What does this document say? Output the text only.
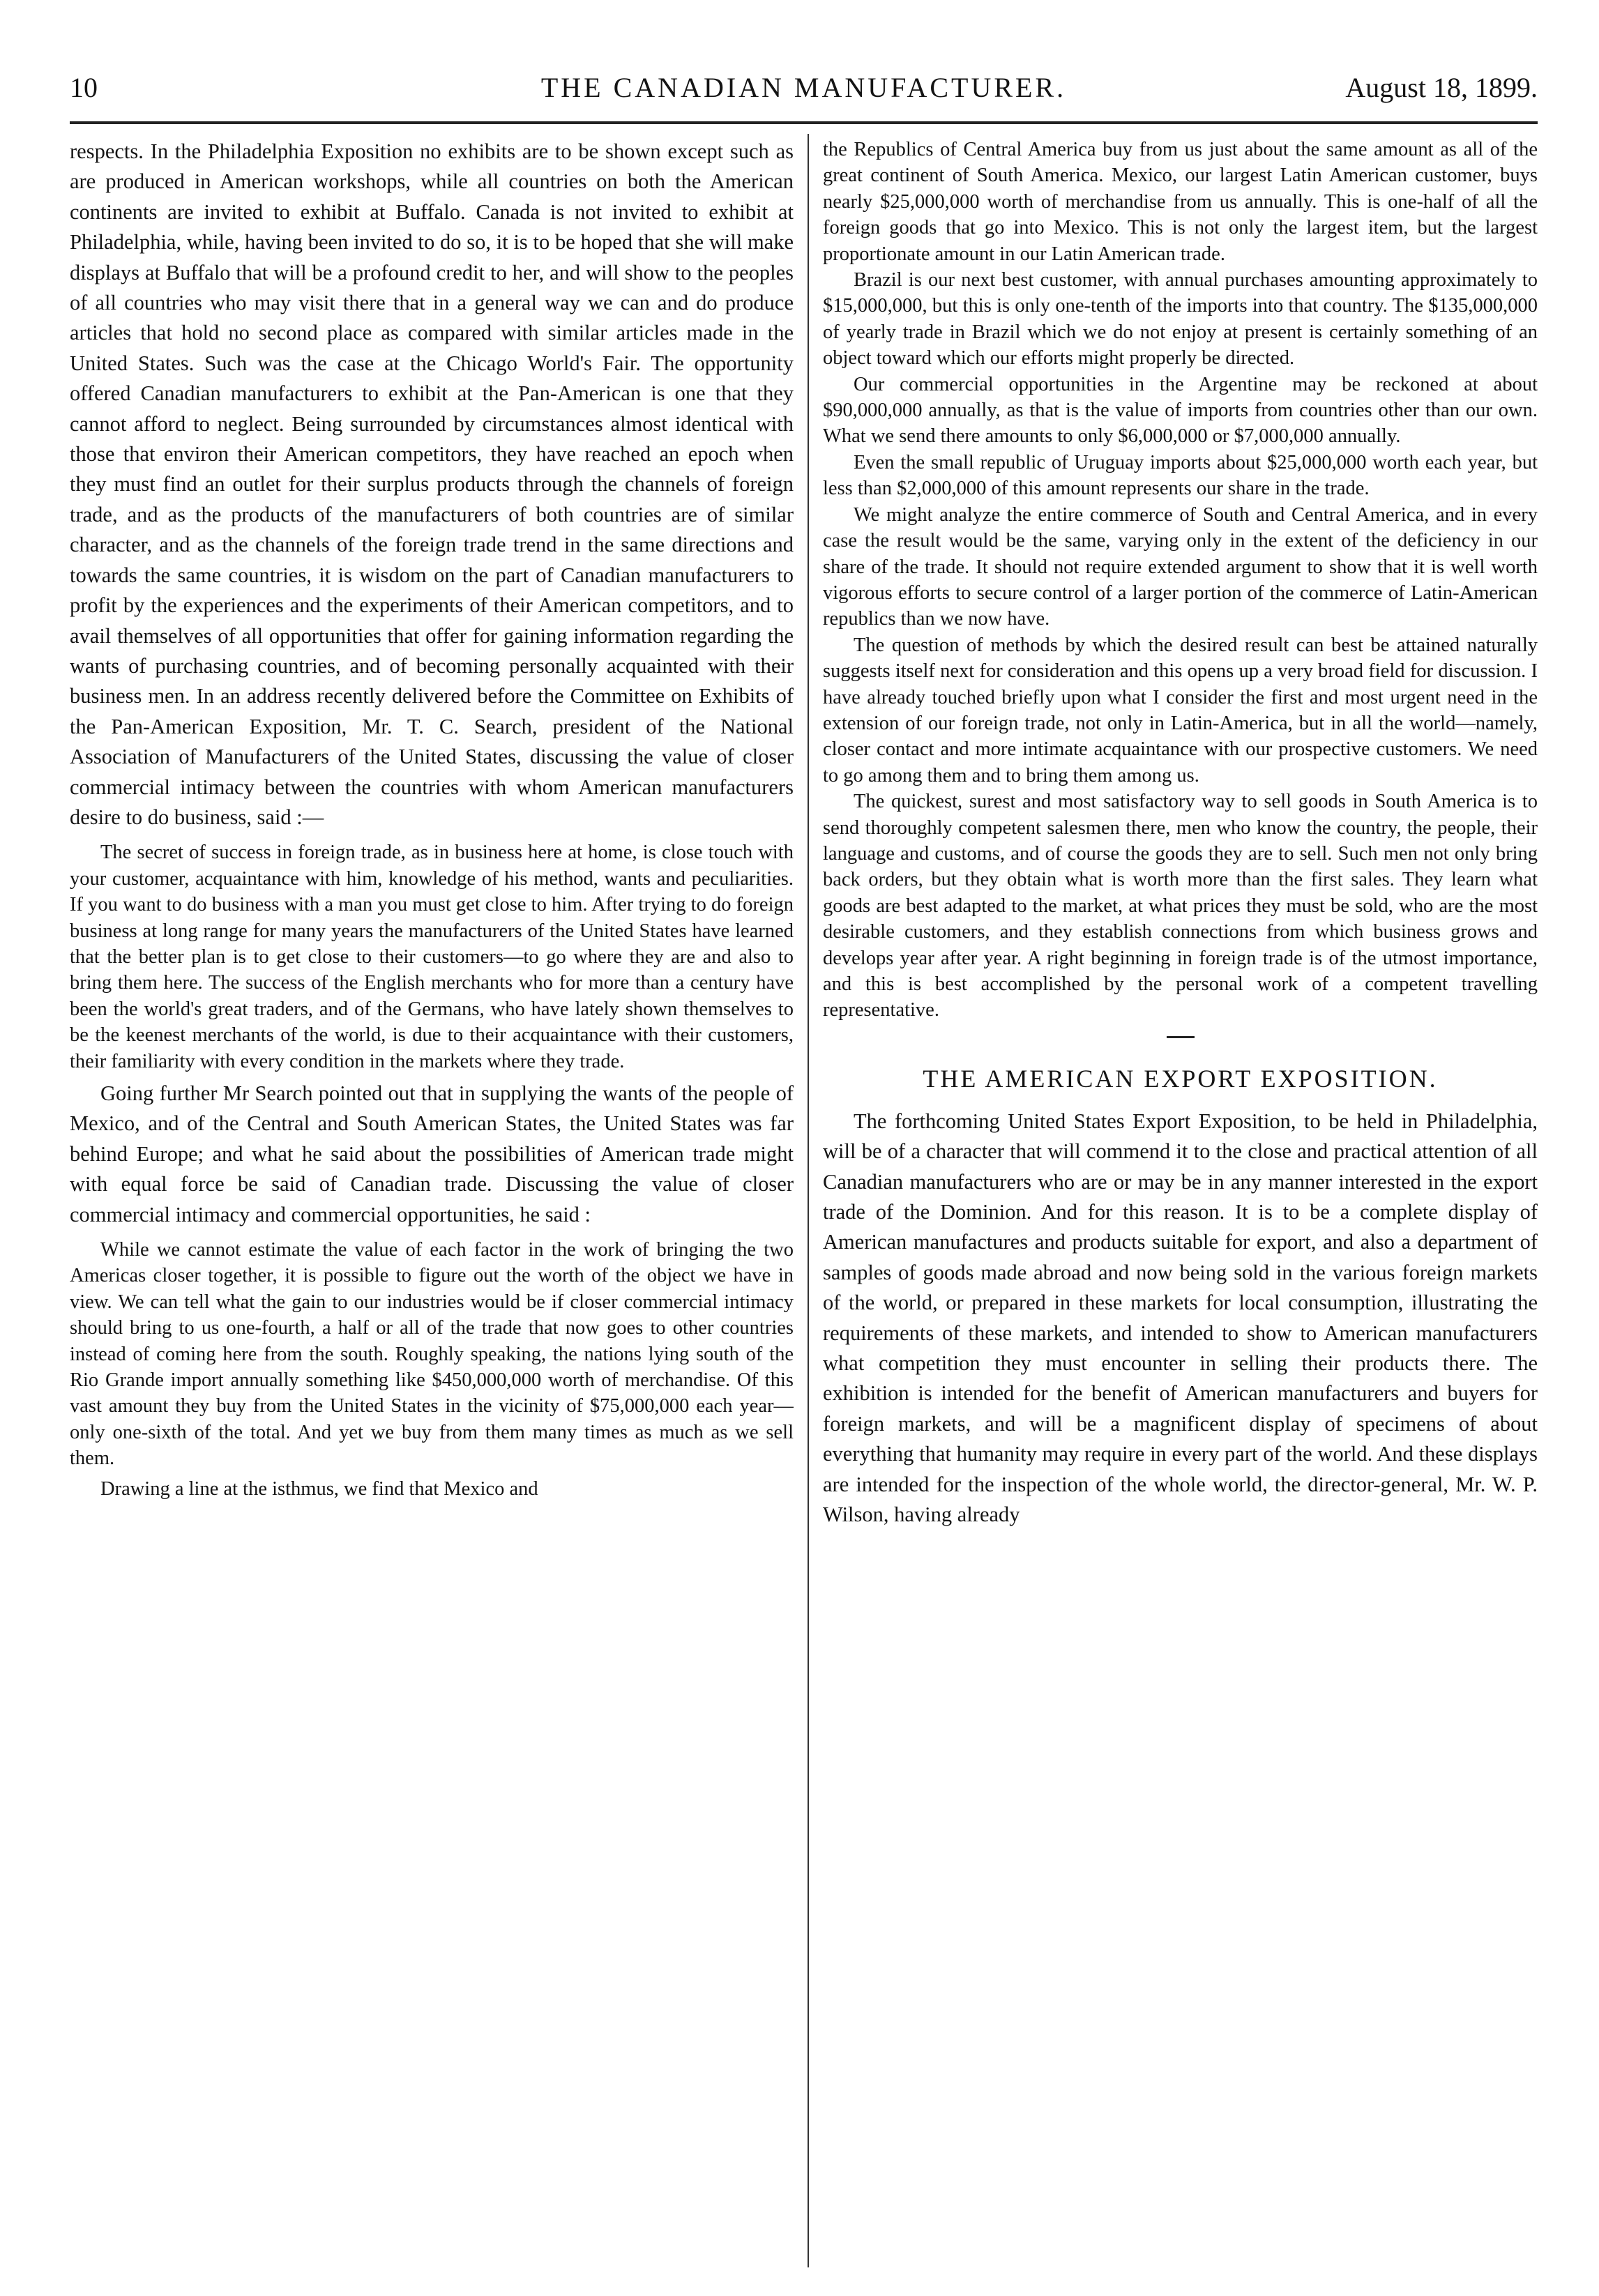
10	THE CANADIAN MANUFACTURER.	August 18, 1899.

respects. In the Philadelphia Exposition no exhibits are to be shown except such as are produced in American workshops, while all countries on both the American continents are invited to exhibit at Buffalo. Canada is not invited to exhibit at Philadelphia, while, having been invited to do so, it is to be hoped that she will make displays at Buffalo that will be a profound credit to her, and will show to the peoples of all countries who may visit there that in a general way we can and do produce articles that hold no second place as compared with similar articles made in the United States. Such was the case at the Chicago World's Fair. The opportunity offered Canadian manufacturers to exhibit at the Pan-American is one that they cannot afford to neglect. Being surrounded by circumstances almost identical with those that environ their American competitors, they have reached an epoch when they must find an outlet for their surplus products through the channels of foreign trade, and as the products of the manufacturers of both countries are of similar character, and as the channels of the foreign trade trend in the same directions and towards the same countries, it is wisdom on the part of Canadian manufacturers to profit by the experiences and the experiments of their American competitors, and to avail themselves of all opportunities that offer for gaining information regarding the wants of purchasing countries, and of becoming personally acquainted with their business men. In an address recently delivered before the Committee on Exhibits of the Pan-American Exposition, Mr. T. C. Search, president of the National Association of Manufacturers of the United States, discussing the value of closer commercial intimacy between the countries with whom American manufacturers desire to do business, said :—

The secret of success in foreign trade, as in business here at home, is close touch with your customer, acquaintance with him, knowledge of his method, wants and peculiarities. If you want to do business with a man you must get close to him. After trying to do foreign business at long range for many years the manufacturers of the United States have learned that the better plan is to get close to their customers—to go where they are and also to bring them here. The success of the English merchants who for more than a century have been the world's great traders, and of the Germans, who have lately shown themselves to be the keenest merchants of the world, is due to their acquaintance with their customers, their familiarity with every condition in the markets where they trade.

Going further Mr Search pointed out that in supplying the wants of the people of Mexico, and of the Central and South American States, the United States was far behind Europe; and what he said about the possibilities of American trade might with equal force be said of Canadian trade. Discussing the value of closer commercial intimacy and commercial opportunities, he said :

While we cannot estimate the value of each factor in the work of bringing the two Americas closer together, it is possible to figure out the worth of the object we have in view. We can tell what the gain to our industries would be if closer commercial intimacy should bring to us one-fourth, a half or all of the trade that now goes to other countries instead of coming here from the south. Roughly speaking, the nations lying south of the Rio Grande import annually something like $450,000,000 worth of merchandise. Of this vast amount they buy from the United States in the vicinity of $75,000,000 each year—only one-sixth of the total. And yet we buy from them many times as much as we sell them.

Drawing a line at the isthmus, we find that Mexico and

the Republics of Central America buy from us just about the same amount as all of the great continent of South America. Mexico, our largest Latin American customer, buys nearly $25,000,000 worth of merchandise from us annually. This is one-half of all the foreign goods that go into Mexico. This is not only the largest item, but the largest proportionate amount in our Latin American trade.

Brazil is our next best customer, with annual purchases amounting approximately to $15,000,000, but this is only one-tenth of the imports into that country. The $135,000,000 of yearly trade in Brazil which we do not enjoy at present is certainly something of an object toward which our efforts might properly be directed.

Our commercial opportunities in the Argentine may be reckoned at about $90,000,000 annually, as that is the value of imports from countries other than our own. What we send there amounts to only $6,000,000 or $7,000,000 annually.

Even the small republic of Uruguay imports about $25,000,000 worth each year, but less than $2,000,000 of this amount represents our share in the trade.

We might analyze the entire commerce of South and Central America, and in every case the result would be the same, varying only in the extent of the deficiency in our share of the trade. It should not require extended argument to show that it is well worth vigorous efforts to secure control of a larger portion of the commerce of Latin-American republics than we now have.

The question of methods by which the desired result can best be attained naturally suggests itself next for consideration and this opens up a very broad field for discussion. I have already touched briefly upon what I consider the first and most urgent need in the extension of our foreign trade, not only in Latin-America, but in all the world—namely, closer contact and more intimate acquaintance with our prospective customers. We need to go among them and to bring them among us.

The quickest, surest and most satisfactory way to sell goods in South America is to send thoroughly competent salesmen there, men who know the country, the people, their language and customs, and of course the goods they are to sell. Such men not only bring back orders, but they obtain what is worth more than the first sales. They learn what goods are best adapted to the market, at what prices they must be sold, who are the most desirable customers, and they establish connections from which business grows and develops year after year. A right beginning in foreign trade is of the utmost importance, and this is best accomplished by the personal work of a competent travelling representative.

THE AMERICAN EXPORT EXPOSITION.

The forthcoming United States Export Exposition, to be held in Philadelphia, will be of a character that will commend it to the close and practical attention of all Canadian manufacturers who are or may be in any manner interested in the export trade of the Dominion. And for this reason. It is to be a complete display of American manufactures and products suitable for export, and also a department of samples of goods made abroad and now being sold in the various foreign markets of the world, or prepared in these markets for local consumption, illustrating the requirements of these markets, and intended to show to American manufacturers what competition they must encounter in selling their products there. The exhibition is intended for the benefit of American manufacturers and buyers for foreign markets, and will be a magnificent display of specimens of about everything that humanity may require in every part of the world. And these displays are intended for the inspection of the whole world, the director-general, Mr. W. P. Wilson, having already
